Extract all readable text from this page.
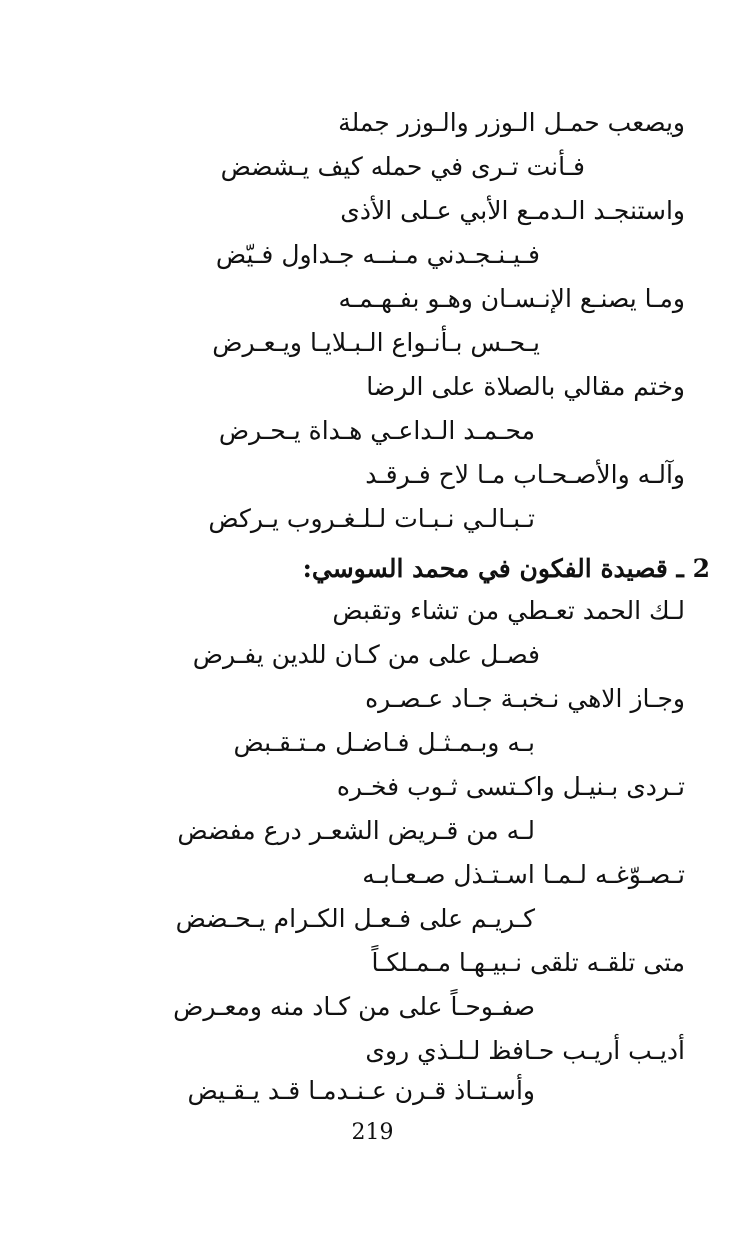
ويصعب حمـل الـوزر والـوزر جملة
فـأنت تـرى في حمله كيف يـشضض
واستنجـد الـدمـع الأبي عـلى الأذى
فـيـنـجـدني مـنــه جـداول فـيّض
ومـا يصنـع الإنـسـان وهـو بفـهـمـه
يـحـس بـأنـواع الـبـلايـا ويـعـرض
وختم مقالي بالصلاة على الرضا
محـمـد الـداعـي هـداة يـحـرض
وآلـه والأصـحـاب مـا لاح فـرقـد
تـبـالـي نـبـات لـلـغـروب يـركض
2 ـ قصيدة الفكون في محمد السوسي:
لـك الحمد تعـطي من تشاء وتقبض
فصـل على من كـان للدين يفـرض
وجـاز الاهي نـخبـة جـاد عـصـره
بـه وبـمـثـل فـاضـل مـتـقـبض
تـردى بـنيـل واكـتسى ثـوب فخـره
لـه من قـريض الشعـر درع مفضض
تـصـوّغـه لـمـا اسـتـذل صـعـابـه
كـريـم على فـعـل الكـرام يـحـضض
متى تلقـه تلقى نـبيـهـا مـمـلكـاً
صفـوحـاً على من كـاد منه ومعـرض
أديـب أريـب حـافظ لـلـذي روى
وأسـتـاذ قـرن عـنـدمـا قـد يـقـيض
219
